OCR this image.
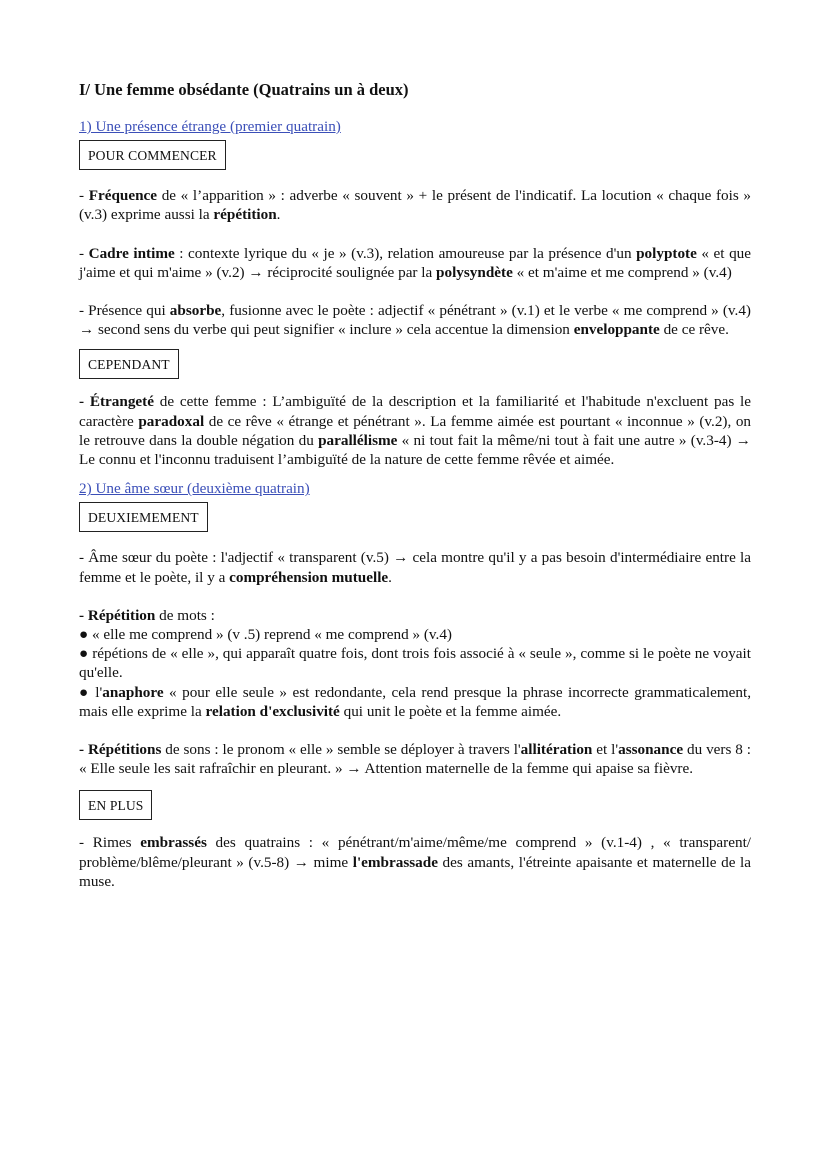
I/ Une femme obsédante (Quatrains un à deux)
1) Une présence étrange (premier quatrain)
POUR COMMENCER

- Fréquence de « l’apparition » : adverbe « souvent » + le présent de l'indicatif. La locution « chaque fois » (v.3) exprime aussi la répétition.

- Cadre intime : contexte lyrique du « je » (v.3), relation amoureuse par la présence d'un polyptote « et que j'aime et qui m'aime » (v.2) → réciprocité soulignée par la polysyndète « et m'aime et me comprend » (v.4)

- Présence qui absorbe, fusionne avec le poète : adjectif « pénétrant » (v.1) et le verbe « me comprend » (v.4) → second sens du verbe qui peut signifier « inclure » cela accentue la dimension enveloppante de ce rêve.

CEPENDANT

- Étrangeté de cette femme : L’ambiguïté de la description et la familiarité et l'habitude n'excluent pas le caractère paradoxal de ce rêve « étrange et pénétrant ». La femme aimée est pourtant « inconnue » (v.2), on le retrouve dans la double négation du parallélisme « ni tout fait la même/ni tout à fait une autre » (v.3-4) → Le connu et l'inconnu traduisent l’ambiguïté de la nature de cette femme rêvée et aimée.

2) Une âme sœur (deuxième quatrain)
DEUXIEMEMENT

- Âme sœur du poète : l'adjectif « transparent (v.5) → cela montre qu'il y a pas besoin d'intermédiaire entre la femme et le poète, il y a compréhension mutuelle.

- Répétition de mots :

● « elle me comprend » (v .5) reprend « me comprend » (v.4)

● répétions de « elle », qui apparaît quatre fois, dont trois fois associé à « seule », comme si le poète ne voyait qu'elle.

● l'anaphore « pour elle seule » est redondante, cela rend presque la phrase incorrecte grammaticalement, mais elle exprime la relation d'exclusivité qui unit le poète et la femme aimée.

- Répétitions de sons : le pronom « elle » semble se déployer à travers l'allitération et l'assonance du vers 8 : « Elle seule les sait rafraîchir en pleurant. » → Attention maternelle de la femme qui apaise sa fièvre.

EN PLUS

- Rimes embrassés des quatrains : « pénétrant/m'aime/même/me comprend » (v.1-4) , « transparent/ problème/blême/pleurant » (v.5-8) → mime l'embrassade des amants, l'étreinte apaisante et maternelle de la muse.
